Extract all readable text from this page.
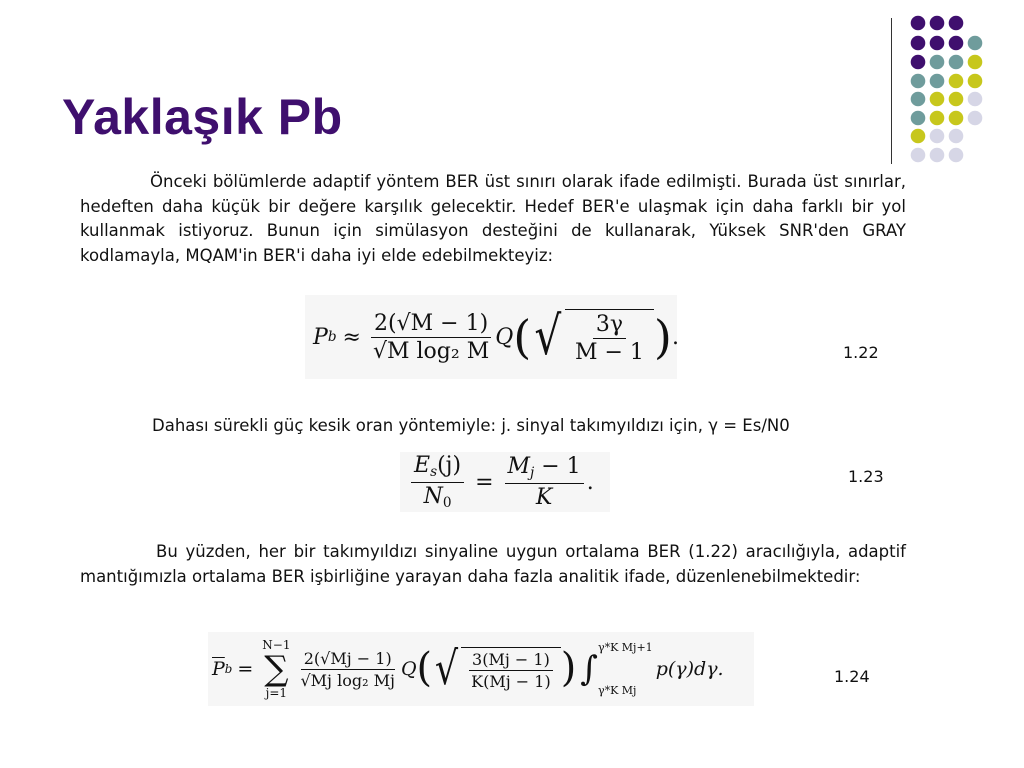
Yaklaşık Pb

Önceki bölümlerde adaptif yöntem BER üst sınırı olarak ifade edilmişti. Burada üst sınırlar, hedeften daha küçük bir değere karşılık gelecektir. Hedef BER'e ulaşmak için daha farklı bir yol kullanmak istiyoruz. Bunun için simülasyon desteğini de kullanarak, Yüksek SNR'den GRAY kodlamayla, MQAM'in BER'i daha iyi elde edebilmekteyiz:

P $b \approx \frac{2(√M - 1)}{\text{√M log₂ M}}$ Q ( √ $\frac{3\gamma}{M - 1}$ ) .
1.22

Dahası sürekli güç kesik oran yöntemiyle: j. sinyal takımyıldızı için, γ = Es/N0

$\frac{E_s(j)}{N_0} = \frac{M_j - 1}{K}$ .	1.23

Bu yüzden, her bir takımyıldızı sinyaline uygun ortalama BER (1.22) aracılığıyla, adaptif mantığımızla ortalama BER işbirliğine yarayan daha fazla analitik ifade, düzenlenebilmektedir:

$\overline{P}$ b =
N−1
∑
j=1
$\frac{2(√Mj - 1)}{\text{√Mj log₂ Mj}}$ Q ( √ $\frac{3(Mj - 1)}{K(Mj - 1)}$ ) ∫
γ*K Mj+1
γ*K Mj
p(γ)dγ.	1.24
